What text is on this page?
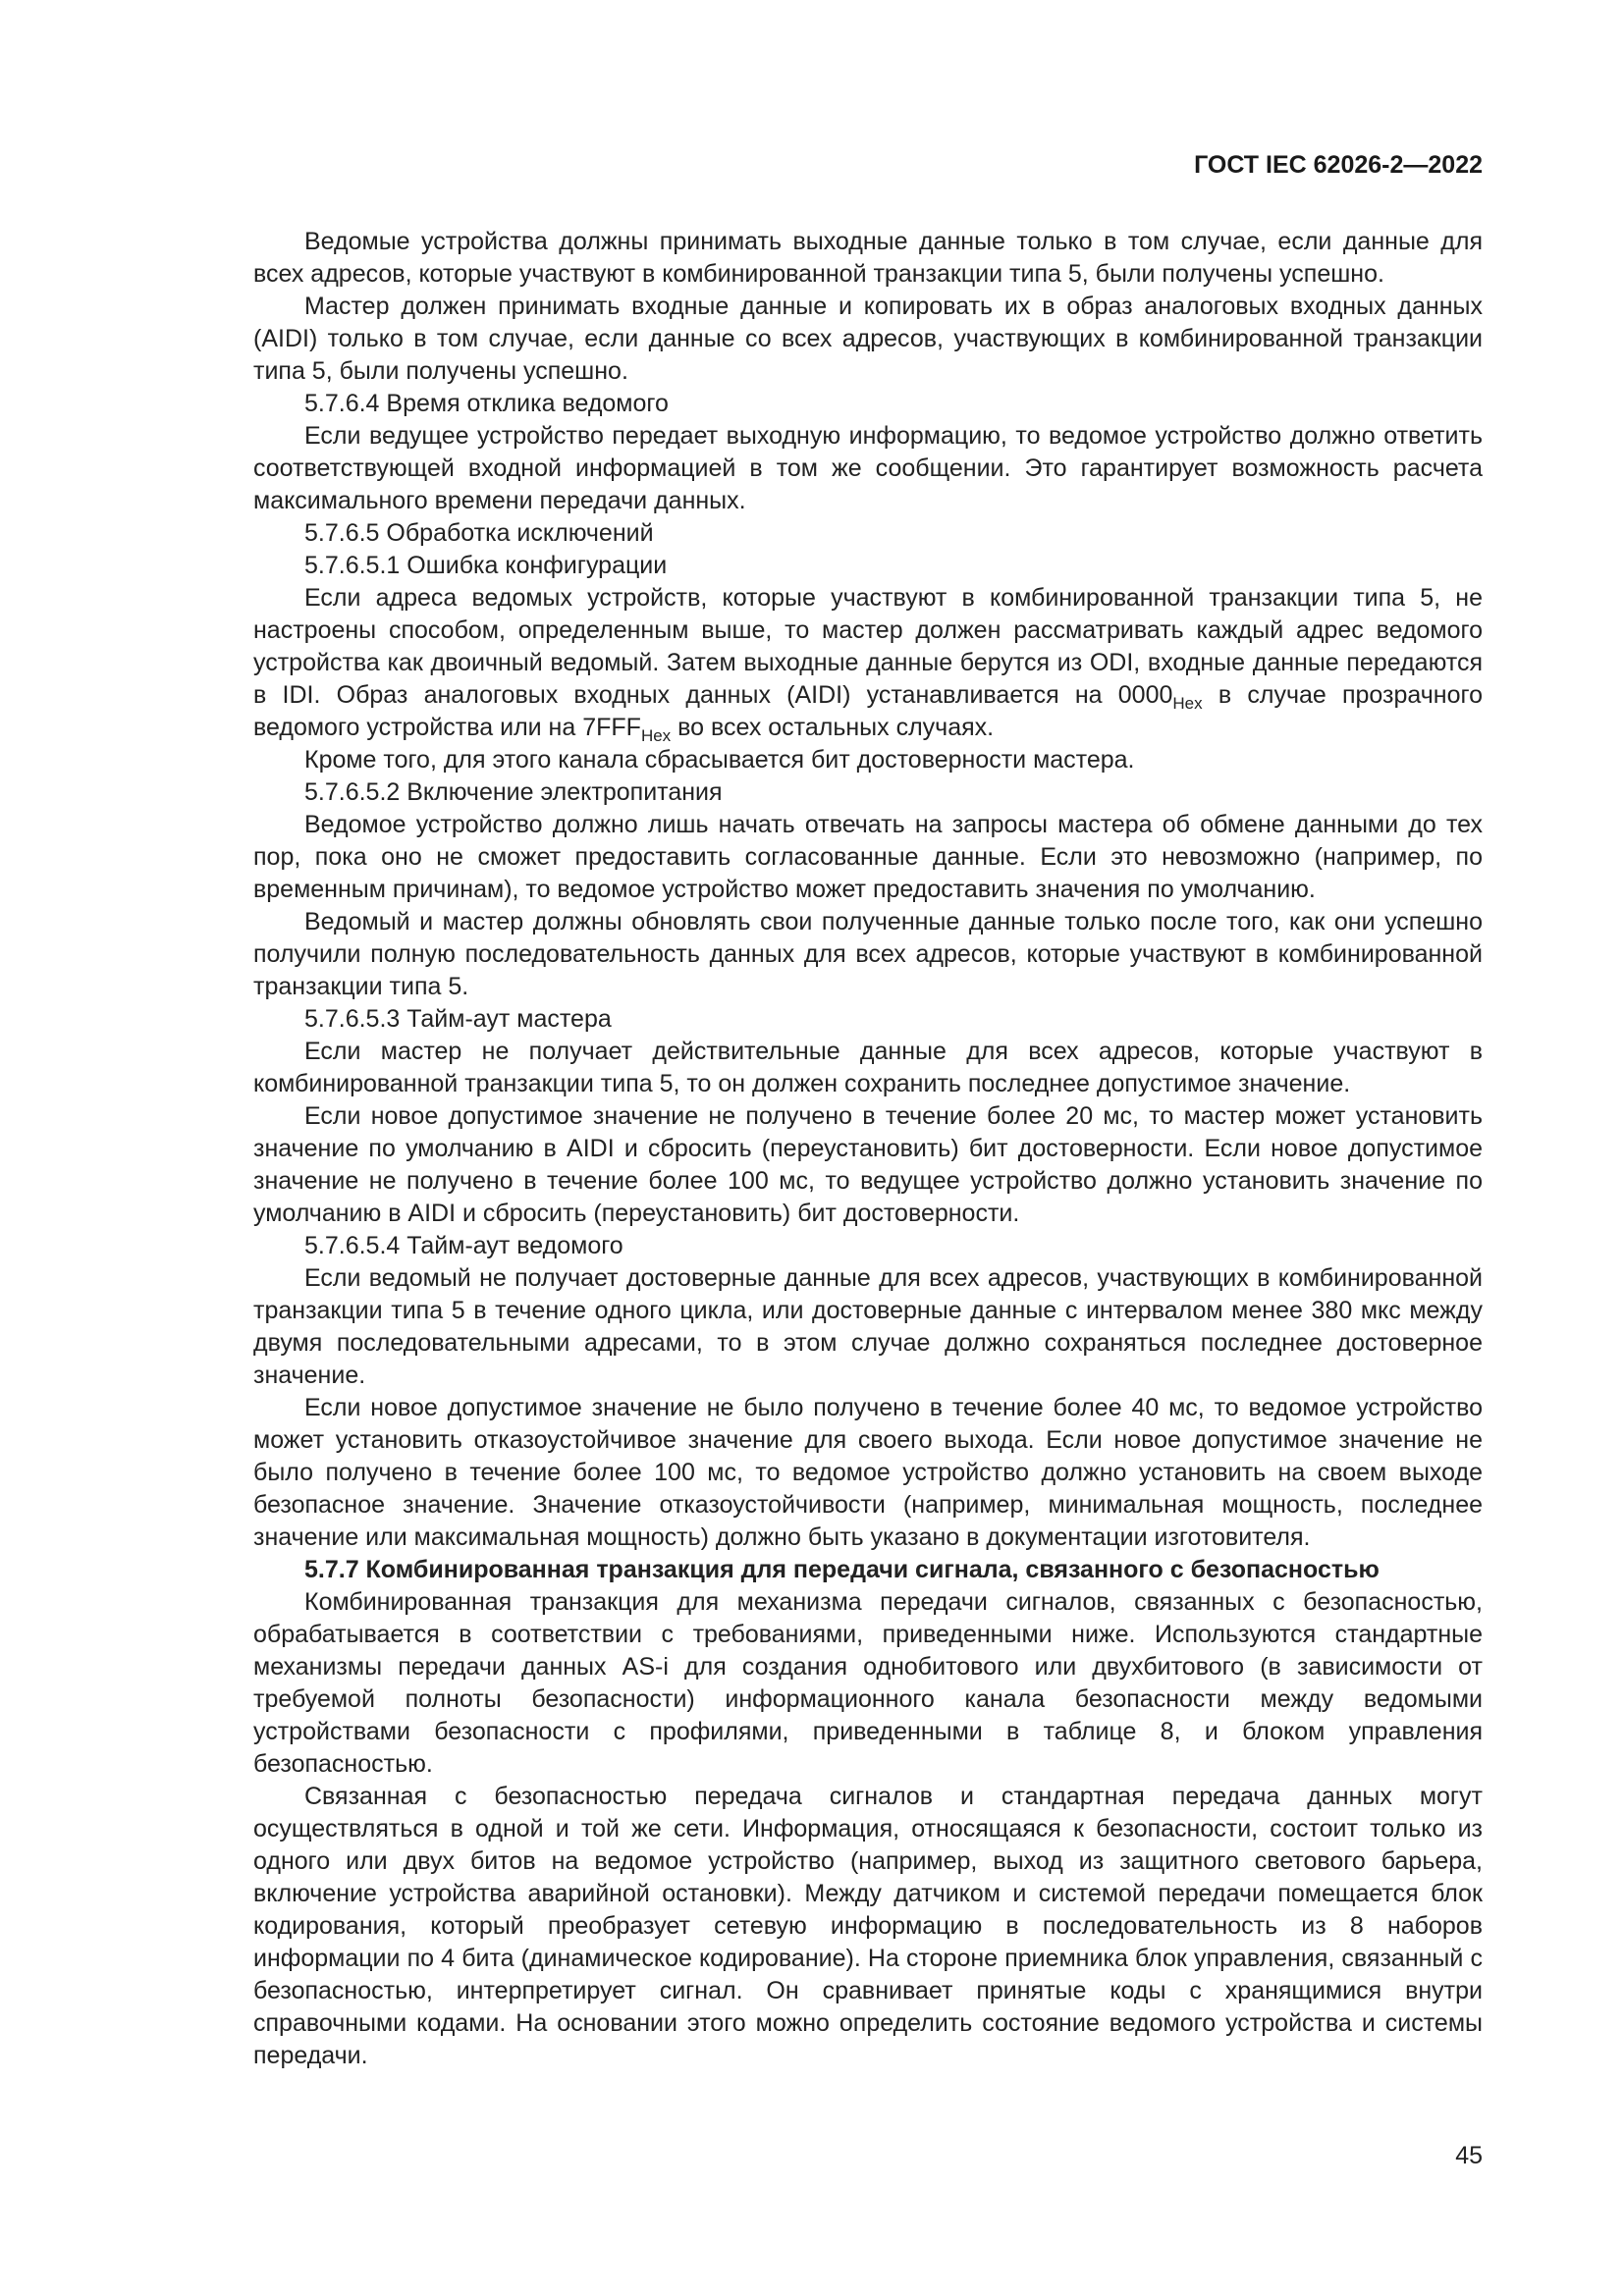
ГОСТ IEC 62026-2—2022

Ведомые устройства должны принимать выходные данные только в том случае, если данные для всех адресов, которые участвуют в комбинированной транзакции типа 5, были получены успешно.

Мастер должен принимать входные данные и копировать их в образ аналоговых входных данных (AIDI) только в том случае, если данные со всех адресов, участвующих в комбинированной транзакции типа 5, были получены успешно.

5.7.6.4 Время отклика ведомого

Если ведущее устройство передает выходную информацию, то ведомое устройство должно ответить соответствующей входной информацией в том же сообщении. Это гарантирует возможность расчета максимального времени передачи данных.

5.7.6.5 Обработка исключений

5.7.6.5.1 Ошибка конфигурации

Если адреса ведомых устройств, которые участвуют в комбинированной транзакции типа 5, не настроены способом, определенным выше, то мастер должен рассматривать каждый адрес ведомого устройства как двоичный ведомый. Затем выходные данные берутся из ODI, входные данные передаются в IDI. Образ аналоговых входных данных (AIDI) устанавливается на $0000_{Hex}$ в случае прозрачного ведомого устройства или на $7FFF_{Hex}$ во всех остальных случаях.

Кроме того, для этого канала сбрасывается бит достоверности мастера.

5.7.6.5.2 Включение электропитания

Ведомое устройство должно лишь начать отвечать на запросы мастера об обмене данными до тех пор, пока оно не сможет предоставить согласованные данные. Если это невозможно (например, по временным причинам), то ведомое устройство может предоставить значения по умолчанию.

Ведомый и мастер должны обновлять свои полученные данные только после того, как они успешно получили полную последовательность данных для всех адресов, которые участвуют в комбинированной транзакции типа 5.

5.7.6.5.3 Тайм-аут мастера

Если мастер не получает действительные данные для всех адресов, которые участвуют в комбинированной транзакции типа 5, то он должен сохранить последнее допустимое значение.

Если новое допустимое значение не получено в течение более 20 мс, то мастер может установить значение по умолчанию в AIDI и сбросить (переустановить) бит достоверности. Если новое допустимое значение не получено в течение более 100 мс, то ведущее устройство должно установить значение по умолчанию в AIDI и сбросить (переустановить) бит достоверности.

5.7.6.5.4 Тайм-аут ведомого

Если ведомый не получает достоверные данные для всех адресов, участвующих в комбинированной транзакции типа 5 в течение одного цикла, или достоверные данные с интервалом менее 380 мкс между двумя последовательными адресами, то в этом случае должно сохраняться последнее достоверное значение.

Если новое допустимое значение не было получено в течение более 40 мс, то ведомое устройство может установить отказоустойчивое значение для своего выхода. Если новое допустимое значение не было получено в течение более 100 мс, то ведомое устройство должно установить на своем выходе безопасное значение. Значение отказоустойчивости (например, минимальная мощность, последнее значение или максимальная мощность) должно быть указано в документации изготовителя.

5.7.7 Комбинированная транзакция для передачи сигнала, связанного с безопасностью

Комбинированная транзакция для механизма передачи сигналов, связанных с безопасностью, обрабатывается в соответствии с требованиями, приведенными ниже. Используются стандартные механизмы передачи данных AS-i для создания однобитового или двухбитового (в зависимости от требуемой полноты безопасности) информационного канала безопасности между ведомыми устройствами безопасности с профилями, приведенными в таблице 8, и блоком управления безопасностью.

Связанная с безопасностью передача сигналов и стандартная передача данных могут осуществляться в одной и той же сети. Информация, относящаяся к безопасности, состоит только из одного или двух битов на ведомое устройство (например, выход из защитного светового барьера, включение устройства аварийной остановки). Между датчиком и системой передачи помещается блок кодирования, который преобразует сетевую информацию в последовательность из 8 наборов информации по 4 бита (динамическое кодирование). На стороне приемника блок управления, связанный с безопасностью, интерпретирует сигнал. Он сравнивает принятые коды с хранящимися внутри справочными кодами. На основании этого можно определить состояние ведомого устройства и системы передачи.

45
